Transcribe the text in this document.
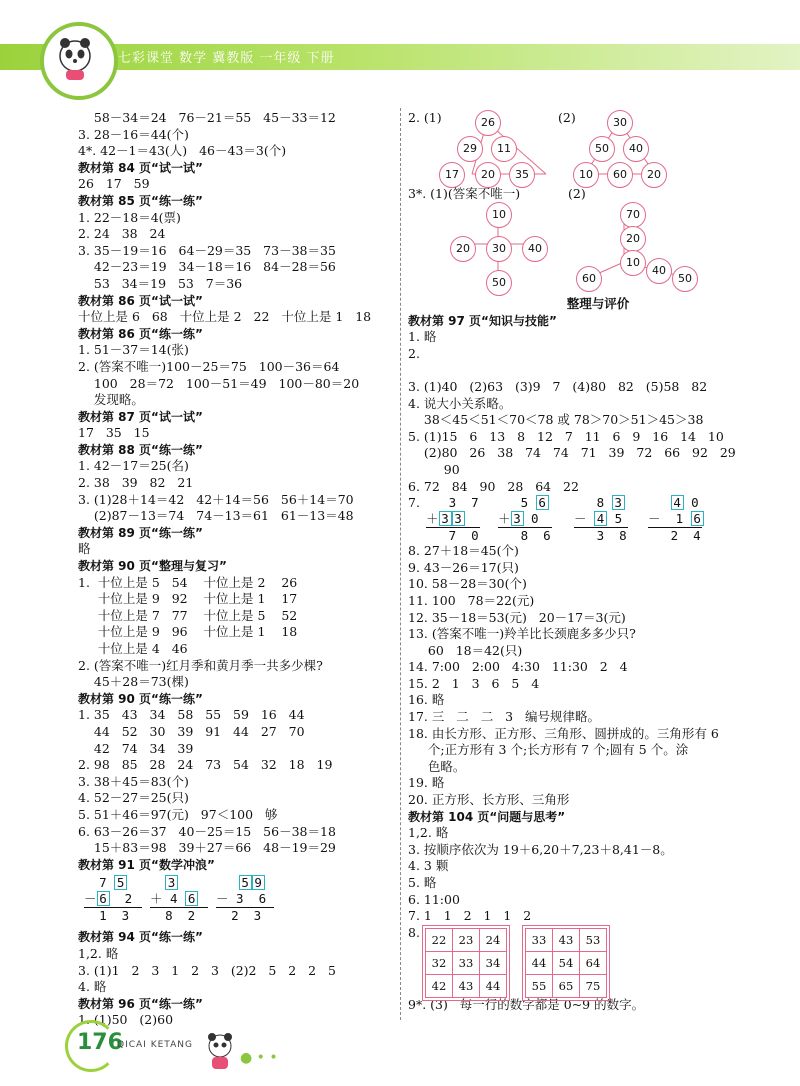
七彩课堂 数学 冀教版 一年级 下册
58－34＝24   76－21＝55   45－33＝12
3. 28－16＝44(个)
4*. 42－1＝43(人)   46－43＝3(个)
教材第 84 页“试一试”
26   17   59
教材第 85 页“练一练”
1. 22－18＝4(票)
2. 24   38   24
3. 35－19＝16   64－29＝35   73－38＝35
42－23＝19   34－18＝16   84－28＝56
53   34＝19   53   7＝36
教材第 86 页“试一试”
十位上是 6   68   十位上是 2   22   十位上是 1   18
教材第 86 页“练一练”
1. 51－37＝14(张)
2. (答案不唯一)100－25＝75   100－36＝64
100   28＝72   100－51＝49   100－80＝20
发现略。
教材第 87 页“试一试”
17   35   15
教材第 88 页“练一练”
1. 42－17＝25(名)
2. 38   39   82   21
3. (1)28＋14＝42   42＋14＝56   56＋14＝70
(2)87－13＝74   74－13＝61   61－13＝48
教材第 89 页“练一练”
略
教材第 90 页“整理与复习”
1.  十位上是 5   54    十位上是 2    26
十位上是 9   92    十位上是 1    17
十位上是 7   77    十位上是 5    52
十位上是 9   96    十位上是 1    18
十位上是 4   46
2. (答案不唯一)红月季和黄月季一共多少棵?
45＋28＝73(棵)
教材第 90 页“练一练”
1. 35   43   34   58   55   59   16   44
44   52   30   39   91   44   27   70
42   74   34   39
2. 98   85   28   24   73   54   32   18   19
3. 38＋45＝83(个)
4. 52－27＝25(只)
5. 51＋46＝97(元)   97＜100   够
6. 63－26＝37   40－25＝15   56－38＝18
15＋83＝98   39＋27＝66   48－19＝29
教材第 91 页“数学冲浪”
7 5
－ 6 2
1  3
3
＋ 4 6
8  2
5 9
－ 3  6
2  3
教材第 94 页“练一练”
1,2. 略
3. (1)1   2   3   1   2   3   (2)2   5   2   2   5
4. 略
教材第 96 页“练一练”
1. (1)50   (2)60
2. (1)	(2)
26
29	11
17	20	35
30
50	40
10	60	20
3*. (1)(答案不唯一)	(2)
10
20	30	40
50
70
20
10
40
50
60
整理与评价
教材第 97 页“知识与技能”
1. 略
2.
3. (1)40   (2)63   (3)9   7   (4)80   82   (5)58   82
4. 说大小关系略。
38＜45＜51＜70＜78 或 78＞70＞51＞45＞38
5. (1)15   6   13   8   12   7   11   6   9   16   14   10
(2)80   26   38   74   74   71   39   72   66   92   29
90
6. 72   84   90   28   64   22
7.	3  7
＋ 3 3
7  0
5 6
＋ 3 0
8  6
8 3
－ 4 5
3  8
4 0
－ 1 6
2  4
8. 27＋18＝45(个)
9. 43－26＝17(只)
10. 58－28＝30(个)
11. 100   78＝22(元)
12. 35－18＝53(元)   20－17＝3(元)
13. (答案不唯一)羚羊比长颈鹿多多少只?
60   18＝42(只)
14. 7:00   2:00   4:30   11:30   2   4
15. 2   1   3   6   5   4
16. 略
17. 三   二   二   3   编号规律略。
18. 由长方形、正方形、三角形、圆拼成的。三角形有 6
个;正方形有 3 个;长方形有 7 个;圆有 5 个。涂
色略。
19. 略
20. 正方形、长方形、三角形
教材第 104 页“问题与思考”
1,2. 略
3. 按顺序依次为 19＋6,20＋7,23＋8,41－8。
4. 3 颗
5. 略
6. 11:00
7. 1   1   2   1   1   2
8. 22	23	24
32	33	34
42	43	44
33	43	53
44	54	64
55	65	75
9*. (3)   每一行的数字都是 0~9 的数字。
176
QICAI KETANG
● • •
